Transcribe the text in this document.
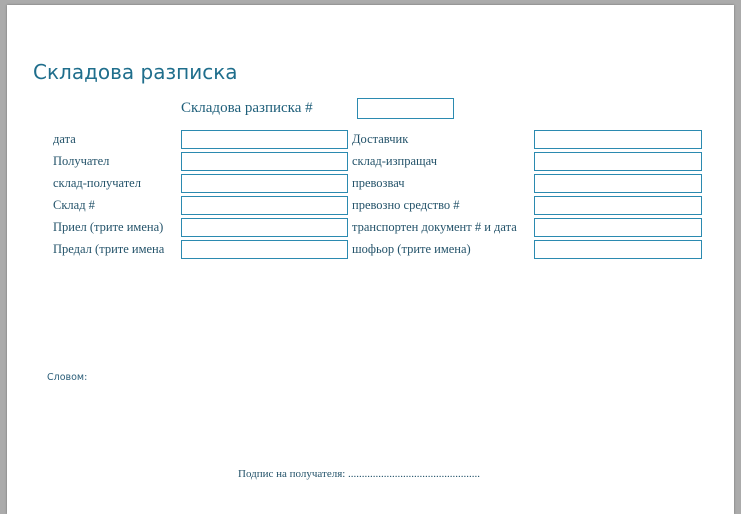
Складова разписка
Складова разписка #
дата
Получател
склад-получател
Склад #
Приел (трите имена)
Предал (трите имена
Доставчик
склад-изпращач
превозвач
превозно средство #
транспортен документ # и дата
шофьор (трите имена)
Словом:
Подпис на получателя: ................................................
